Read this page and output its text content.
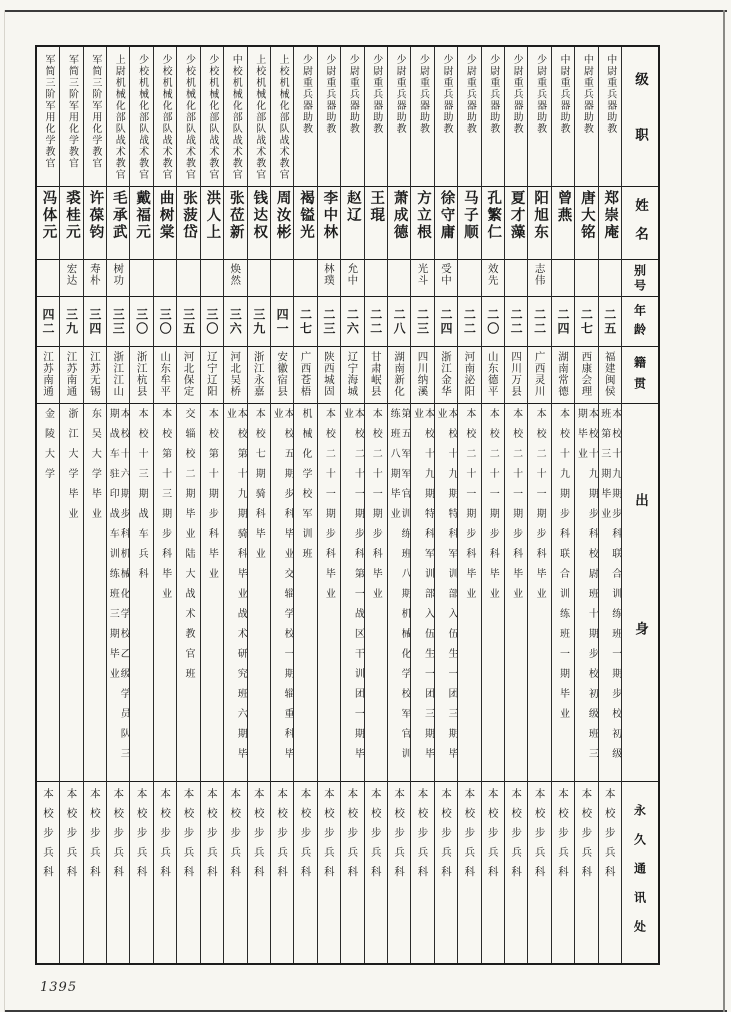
级职
姓名
别号
年龄
籍贯
出身
永久通讯处
中尉重兵器助教
郑崇庵
二五
福建闽侯
本校十九期步科联合训练班一期步校初级班第三期毕业
本校步兵科
中尉重兵器助教
唐大铭
二七
西康会理
本校十九期步科校尉班十期步校初级班三期毕业
本校步兵科
中尉重兵器助教
曾燕
二四
湖南常德
本校十九期步科联合训练班一期毕业
本校步兵科
少尉重兵器助教
阳旭东
志伟
二二
广西灵川
本校二十一期步科毕业
本校步兵科
少尉重兵器助教
夏才藻
二二
四川万县
本校二十一期步科毕业
本校步兵科
少尉重兵器助教
孔繁仁
效先
二〇
山东德平
本校二十一期步科毕业
本校步兵科
少尉重兵器助教
马子顺
二二
河南泌阳
本校二十一期步科毕业
本校步兵科
少尉重兵器助教
徐守庸
受中
二四
浙江金华
本校十九期特科军训部入伍生一团三期毕业
本校步兵科
少尉重兵器助教
方立根
光斗
二三
四川纳溪
本校十九期特科军训部入伍生一团三期毕业
本校步兵科
少尉重兵器助教
萧成德
二八
湖南新化
第五军军官训练班八期机械化学校军官训练班八期毕业
本校步兵科
少尉重兵器助教
王琨
二二
甘肃岷县
本校二十一期步科毕业
本校步兵科
少尉重兵器助教
赵辽
允中
二六
辽宁海城
本校二十一期步科第一战区干训团一期毕业
本校步兵科
少尉重兵器助教
李中林
林璞
二三
陕西城固
本校二十一期步科毕业
本校步兵科
少尉重兵器助教
褐镒光
二七
广西苍梧
机械化学校军训班
本校步兵科
上校机械化部队战术教官
周汝彬
四一
安徽宿县
本校五期步科毕业交辎学校一期辎重科毕业
本校步兵科
上校机械化部队战术教官
钱达权
三九
浙江永嘉
本校七期骑科毕业
本校步兵科
中校机械化部队战术教官
张莅新
焕然
三六
河北吴桥
本校第十九期骑科毕业战术研究班六期毕业
本校步兵科
少校机械化部队战术教官
洪人上
三〇
辽宁辽阳
本校第十期步科毕业
本校步兵科
少校机械化部队战术教官
张菠岱
三五
河北保定
交辎校二期毕业陆大战术教官班
本校步兵科
少校机械化部队战术教官
曲树棠
三〇
山东牟平
本校第十三期步科毕业
本校步兵科
少校机械化部队战术教官
戴福元
三〇
浙江杭县
本校十三期战车兵科
本校步兵科
上尉机械化部队战术教官
毛承武
树功
三三
浙江江山
本校十六期步科机械化学校乙级学员队三期战车驻印战车训练班三期毕业
本校步兵科
军简三阶军用化学教官
许葆钧
寿朴
三四
江苏无锡
东吴大学毕业
本校步兵科
军简三阶军用化学教官
裘桂元
宏达
三九
江苏南通
浙江大学毕业
本校步兵科
军简三阶军用化学教官
冯体元
四二
江苏南通
金陵大学
本校步兵科
1395
